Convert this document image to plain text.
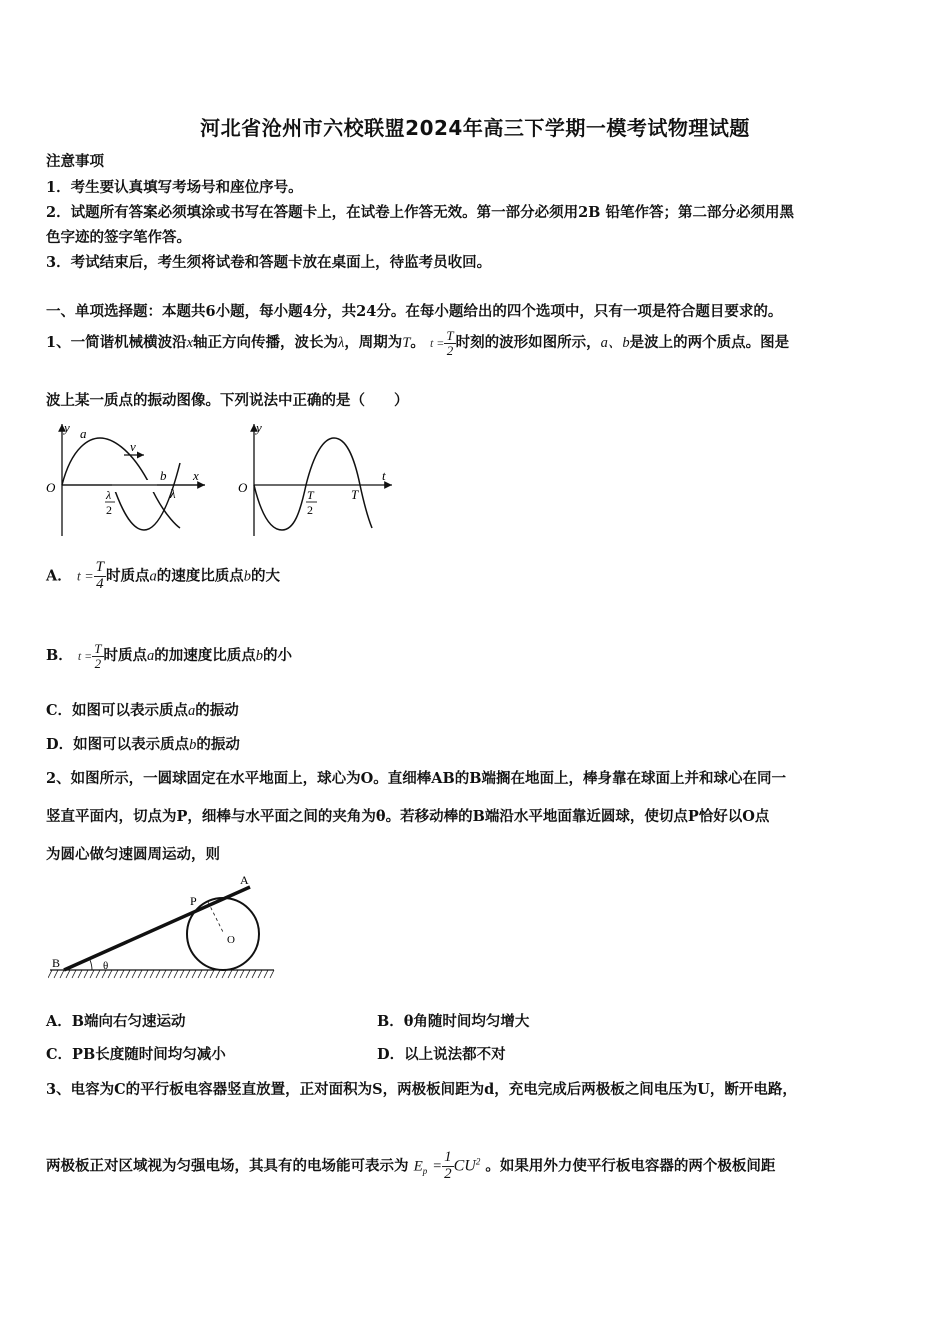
河北省沧州市六校联盟2024年高三下学期一模考试物理试题
注意事项
1．考生要认真填写考场号和座位序号。
2．试题所有答案必须填涂或书写在答题卡上，在试卷上作答无效。第一部分必须用2B 铅笔作答；第二部分必须用黑
色字迹的签字笔作答。
3．考试结束后，考生须将试卷和答题卡放在桌面上，待监考员收回。
一、单项选择题：本题共6小题，每小题4分，共24分。在每小题给出的四个选项中，只有一项是符合题目要求的。
1、一简谐机械横波沿x轴正方向传播，波长为λ，周期为T。 $t = \frac{T}{2}$ 时刻的波形如图所示，a、b是波上的两个质点。图是
波上某一质点的振动图像。下列说法中正确的是（　　）
y
O
a
v
b x
λ
λ
2
y
O
t
T
T
2
A． $t = \frac{T}{4}$ 时质点a的速度比质点b的大
B． $t = \frac{T}{2}$ 时质点a的加速度比质点b的小
C．如图可以表示质点a的振动
D．如图可以表示质点b的振动
2、如图所示，一圆球固定在水平地面上，球心为O。直细棒AB的B端搁在地面上，棒身靠在球面上并和球心在同一
竖直平面内，切点为P，细棒与水平面之间的夹角为θ。若移动棒的B端沿水平地面靠近圆球，使切点P恰好以O点
为圆心做匀速圆周运动，则
A
P
O
B	θ
A．B端向右匀速运动	B．θ角随时间均匀增大
C．PB长度随时间均匀减小	D．以上说法都不对
3、电容为C的平行板电容器竖直放置，正对面积为S，两极板间距为d，充电完成后两极板之间电压为U，断开电路，
两极板正对区域视为匀强电场，其具有的电场能可表示为 $E_p = \frac{1}{2} CU^2$ 。如果用外力使平行板电容器的两个极板间距
